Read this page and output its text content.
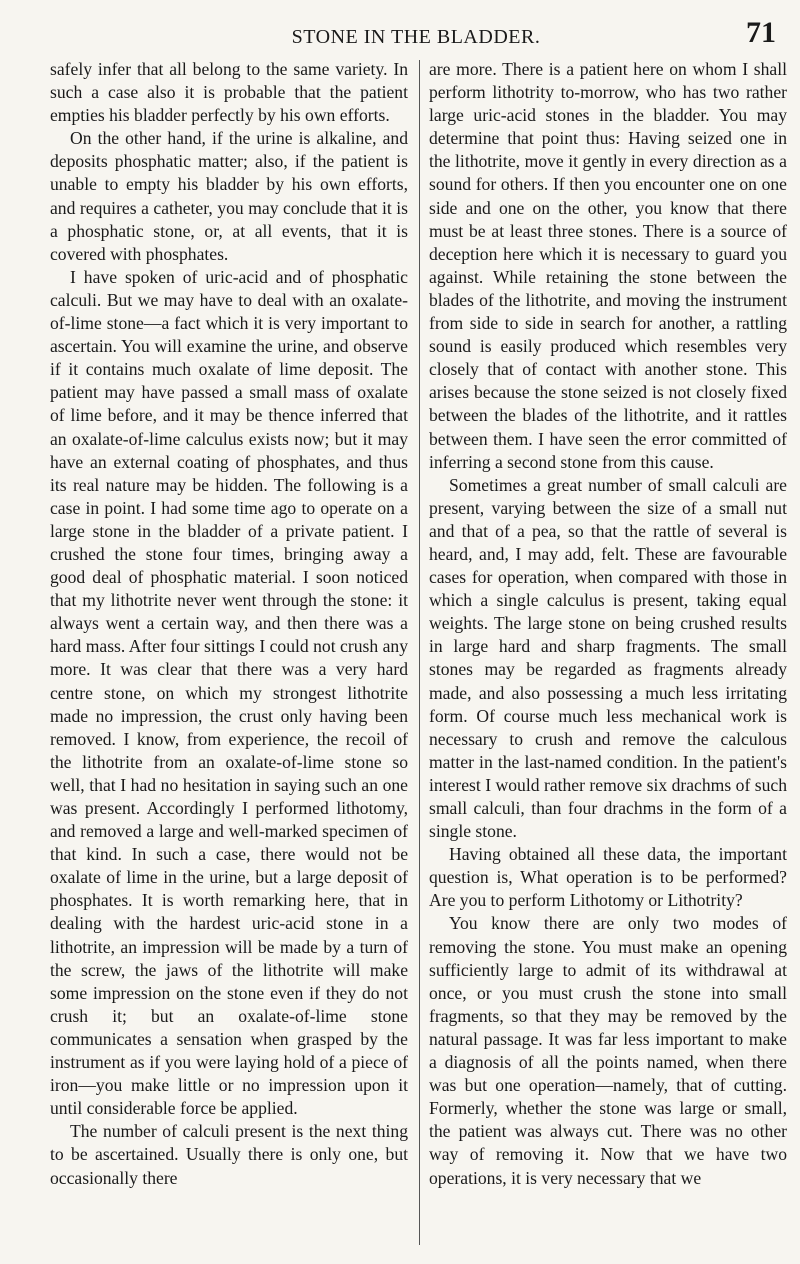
STONE IN THE BLADDER.	71

safely infer that all belong to the same variety. In such a case also it is probable that the patient empties his bladder perfectly by his own efforts.

On the other hand, if the urine is alkaline, and deposits phosphatic matter; also, if the patient is unable to empty his bladder by his own efforts, and requires a catheter, you may conclude that it is a phosphatic stone, or, at all events, that it is covered with phosphates.

I have spoken of uric-acid and of phosphatic calculi. But we may have to deal with an oxalate-of-lime stone—a fact which it is very important to ascertain. You will examine the urine, and observe if it contains much oxalate of lime deposit. The patient may have passed a small mass of oxalate of lime before, and it may be thence inferred that an oxalate-of-lime calculus exists now; but it may have an external coating of phosphates, and thus its real nature may be hidden. The following is a case in point. I had some time ago to operate on a large stone in the bladder of a private patient. I crushed the stone four times, bringing away a good deal of phosphatic material. I soon noticed that my lithotrite never went through the stone: it always went a certain way, and then there was a hard mass. After four sittings I could not crush any more. It was clear that there was a very hard centre stone, on which my strongest lithotrite made no impression, the crust only having been removed. I know, from experience, the recoil of the lithotrite from an oxalate-of-lime stone so well, that I had no hesitation in saying such an one was present. Accordingly I performed lithotomy, and removed a large and well-marked specimen of that kind. In such a case, there would not be oxalate of lime in the urine, but a large deposit of phosphates. It is worth remarking here, that in dealing with the hardest uric-acid stone in a lithotrite, an impression will be made by a turn of the screw, the jaws of the lithotrite will make some impression on the stone even if they do not crush it; but an oxalate-of-lime stone communicates a sensation when grasped by the instrument as if you were laying hold of a piece of iron—you make little or no impression upon it until considerable force be applied.

The number of calculi present is the next thing to be ascertained. Usually there is only one, but occasionally there

are more. There is a patient here on whom I shall perform lithotrity to-morrow, who has two rather large uric-acid stones in the bladder. You may determine that point thus: Having seized one in the lithotrite, move it gently in every direction as a sound for others. If then you encounter one on one side and one on the other, you know that there must be at least three stones. There is a source of deception here which it is necessary to guard you against. While retaining the stone between the blades of the lithotrite, and moving the instrument from side to side in search for another, a rattling sound is easily produced which resembles very closely that of contact with another stone. This arises because the stone seized is not closely fixed between the blades of the lithotrite, and it rattles between them. I have seen the error committed of inferring a second stone from this cause.

Sometimes a great number of small calculi are present, varying between the size of a small nut and that of a pea, so that the rattle of several is heard, and, I may add, felt. These are favourable cases for operation, when compared with those in which a single calculus is present, taking equal weights. The large stone on being crushed results in large hard and sharp fragments. The small stones may be regarded as fragments already made, and also possessing a much less irritating form. Of course much less mechanical work is necessary to crush and remove the calculous matter in the last-named condition. In the patient's interest I would rather remove six drachms of such small calculi, than four drachms in the form of a single stone.

Having obtained all these data, the important question is, What operation is to be performed? Are you to perform Lithotomy or Lithotrity?

You know there are only two modes of removing the stone. You must make an opening sufficiently large to admit of its withdrawal at once, or you must crush the stone into small fragments, so that they may be removed by the natural passage. It was far less important to make a diagnosis of all the points named, when there was but one operation—namely, that of cutting. Formerly, whether the stone was large or small, the patient was always cut. There was no other way of removing it. Now that we have two operations, it is very necessary that we
